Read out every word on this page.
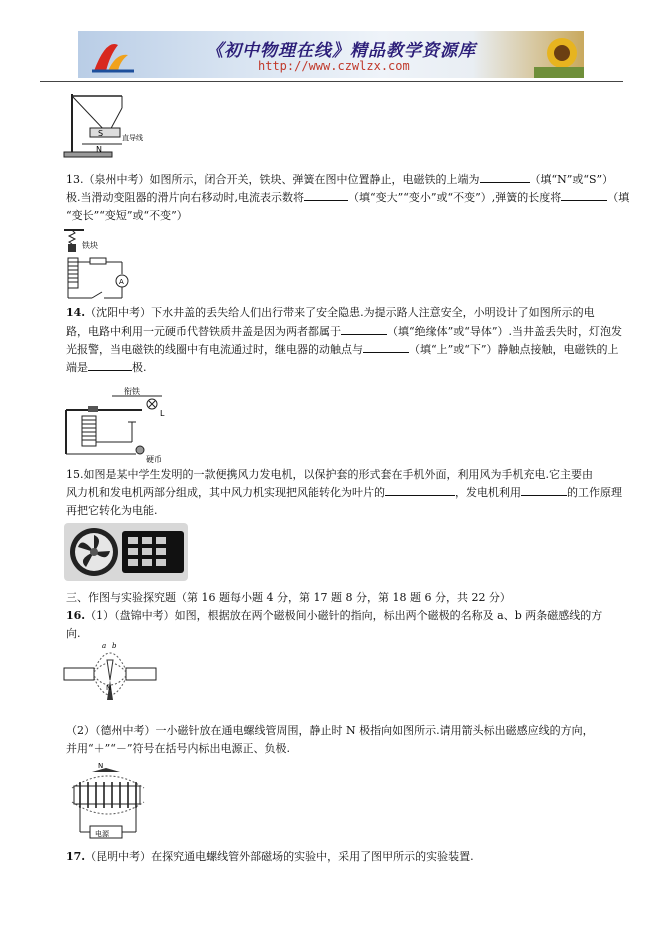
《初中物理在线》精品教学资源库
http://www.czwlzx.com
S
N
直导线
13.（泉州中考）如图所示，闭合开关，铁块、弹簧在图中位置静止，电磁铁的上端为	（填“N”或“S”）
极.当滑动变阻器的滑片向右移动时,电流表示数将	（填“变大”“变小”或“不变”）,弹簧的长度将	（填
“变长”“变短”或“不变”）
铁块
A
14.（沈阳中考）下水井盖的丢失给人们出行带来了安全隐患.为提示路人注意安全，小明设计了如图所示的电
路，电路中利用一元硬币代替铁质井盖是因为两者都属于	（填“绝缘体”或“导体”）.当井盖丢失时，灯泡发
光报警，当电磁铁的线圈中有电流通过时，继电器的动触点与	（填“上”或“下”）静触点接触，电磁铁的上
端是	极.
衔铁
L
硬币
15.如图是某中学生发明的一款便携风力发电机，以保护套的形式套在手机外面，利用风为手机充电.它主要由
风力机和发电机两部分组成，其中风力机实现把风能转化为叶片的	，发电机利用	的工作原理
再把它转化为电能.
三、作图与实验探究题（第 16 题每小题 4 分，第 17 题 8 分，第 18 题 6 分，共 22 分）
16.（1）（盘锦中考）如图，根据放在两个磁极间小磁针的指向，标出两个磁极的名称及 a、b 两条磁感线的方
向.
a b
N
（2）（德州中考）一小磁针放在通电螺线管周围，静止时 N 极指向如图所示.请用箭头标出磁感应线的方向，
并用“＋”“－”符号在括号内标出电源正、负极.
N
电源
17.（昆明中考）在探究通电螺线管外部磁场的实验中，采用了图甲所示的实验装置.
